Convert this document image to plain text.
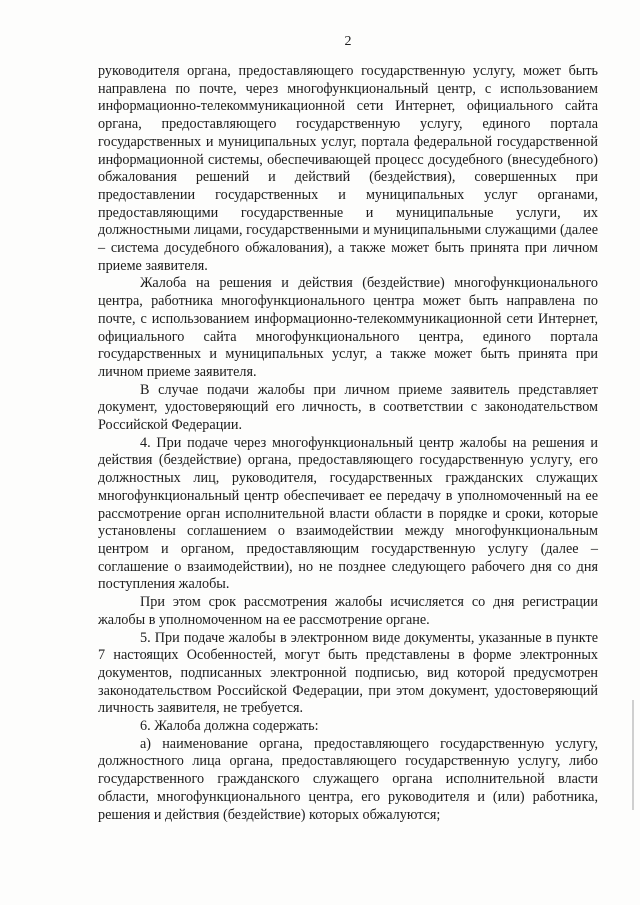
2

руководителя органа, предоставляющего государственную услугу, может быть направлена по почте, через многофункциональный центр, с использованием информационно-телекоммуникационной сети Интернет, официального сайта органа, предоставляющего государственную услугу, единого портала государственных и муниципальных услуг, портала федеральной государственной информационной системы, обеспечивающей процесс досудебного (внесудебного) обжалования решений и действий (бездействия), совершенных при предоставлении государственных и муниципальных услуг органами, предоставляющими государственные и муниципальные услуги, их должностными лицами, государственными и муниципальными служащими (далее – система досудебного обжалования), а также может быть принята при личном приеме заявителя.

Жалоба на решения и действия (бездействие) многофункционального центра, работника многофункционального центра может быть направлена по почте, с использованием информационно-телекоммуникационной сети Интернет, официального сайта многофункционального центра, единого портала государственных и муниципальных услуг, а также может быть принята при личном приеме заявителя.

В случае подачи жалобы при личном приеме заявитель представляет документ, удостоверяющий его личность, в соответствии с законодательством Российской Федерации.

4. При подаче через многофункциональный центр жалобы на решения и действия (бездействие) органа, предоставляющего государственную услугу, его должностных лиц, руководителя, государственных гражданских служащих многофункциональный центр обеспечивает ее передачу в уполномоченный на ее рассмотрение орган исполнительной власти области в порядке и сроки, которые установлены соглашением о взаимодействии между многофункциональным центром и органом, предоставляющим государственную услугу (далее – соглашение о взаимодействии), но не позднее следующего рабочего дня со дня поступления жалобы.

При этом срок рассмотрения жалобы исчисляется со дня регистрации жалобы в уполномоченном на ее рассмотрение органе.

5. При подаче жалобы в электронном виде документы, указанные в пункте 7 настоящих Особенностей, могут быть представлены в форме электронных документов, подписанных электронной подписью, вид которой предусмотрен законодательством Российской Федерации, при этом документ, удостоверяющий личность заявителя, не требуется.

6. Жалоба должна содержать:

а) наименование органа, предоставляющего государственную услугу, должностного лица органа, предоставляющего государственную услугу, либо государственного гражданского служащего органа исполнительной власти области, многофункционального центра, его руководителя и (или) работника, решения и действия (бездействие) которых обжалуются;
